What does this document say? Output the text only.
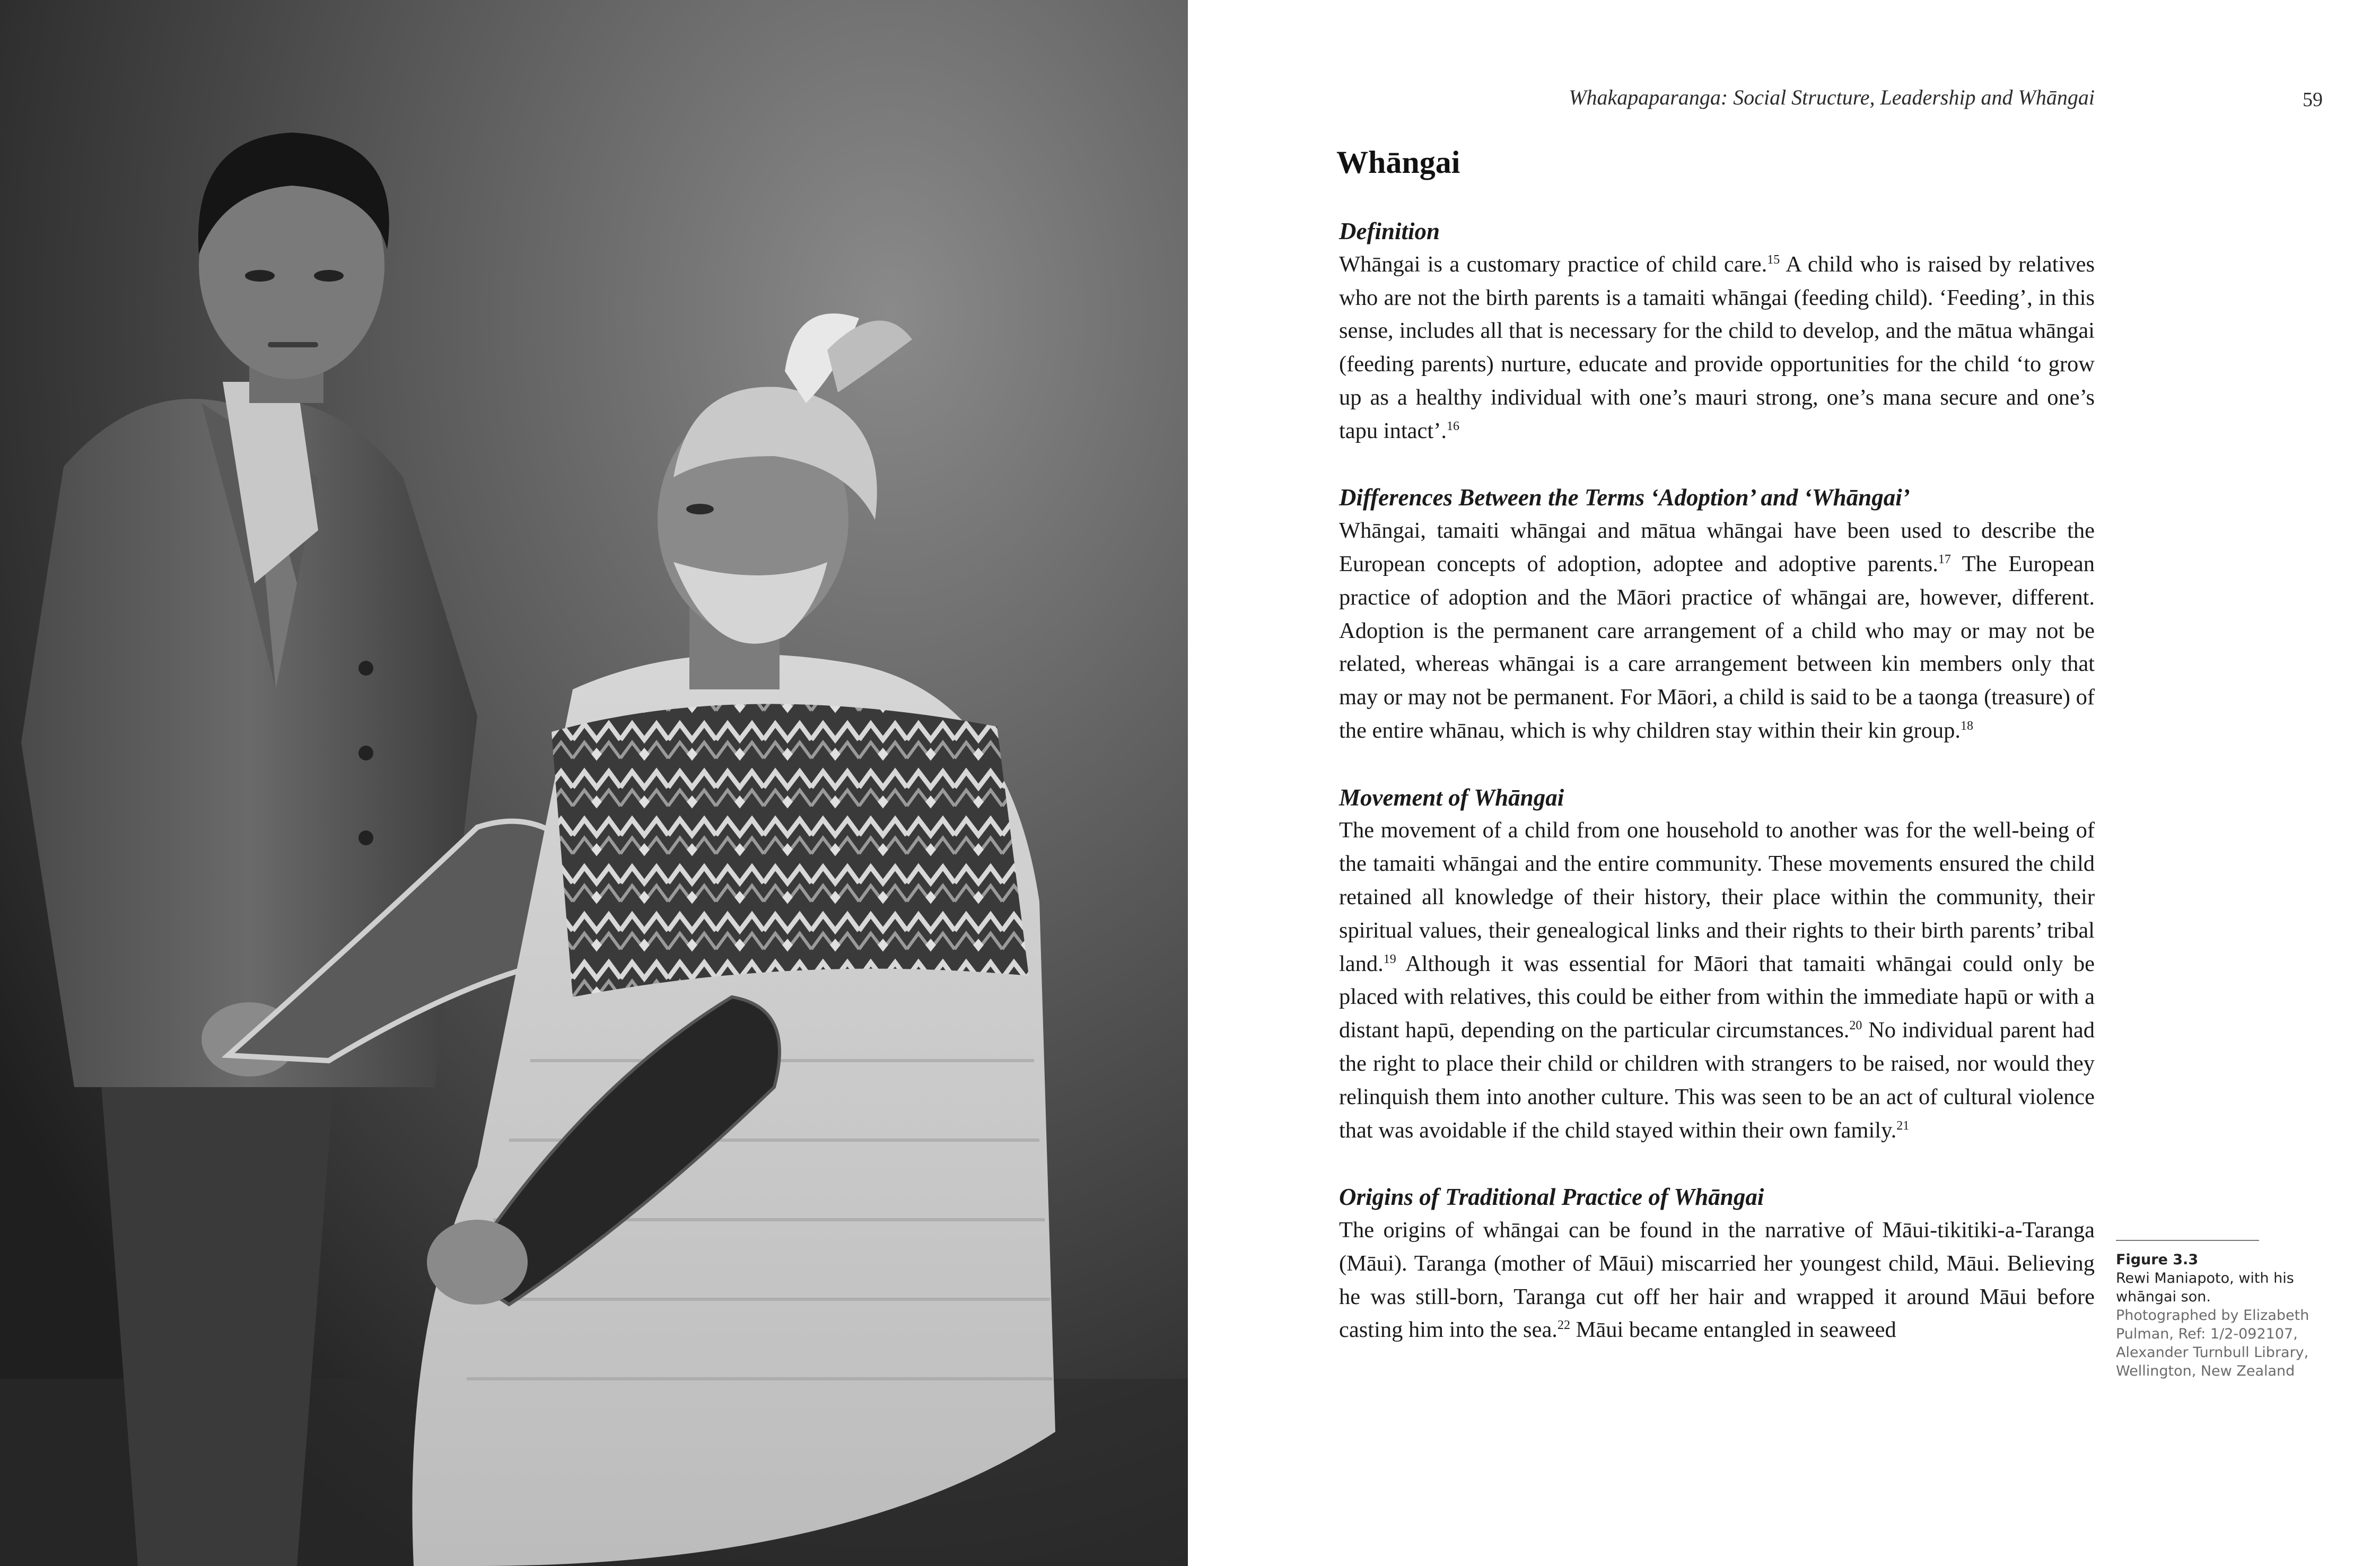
Whakapaparanga: Social Structure, Leadership and Whāngai	59
Whāngai

Definition

Whāngai is a customary practice of child care.$^{15}$ A child who is raised by relatives who are not the birth parents is a tamaiti whāngai (feeding child). ‘Feeding’, in this sense, includes all that is necessary for the child to develop, and the mātua whāngai (feeding parents) nurture, educate and provide opportunities for the child ‘to grow up as a healthy individual with one’s mauri strong, one’s mana secure and one’s tapu intact’.$^{16}$

Differences Between the Terms ‘Adoption’ and ‘Whāngai’

Whāngai, tamaiti whāngai and mātua whāngai have been used to describe the European concepts of adoption, adoptee and adoptive parents.$^{17}$ The European practice of adoption and the Māori practice of whāngai are, however, different. Adoption is the permanent care arrangement of a child who may or may not be related, whereas whāngai is a care arrangement between kin members only that may or may not be permanent. For Māori, a child is said to be a taonga (treasure) of the entire whānau, which is why children stay within their kin group.$^{18}$

Movement of Whāngai

The movement of a child from one household to another was for the well-being of the tamaiti whāngai and the entire community. These movements ensured the child retained all knowledge of their history, their place within the community, their spiritual values, their genealogical links and their rights to their birth parents’ tribal land.$^{19}$ Although it was essential for Māori that tamaiti whāngai could only be placed with relatives, this could be either from within the immediate hapū or with a distant hapū, depending on the particular circumstances.$^{20}$ No individual parent had the right to place their child or children with strangers to be raised, nor would they relinquish them into another culture. This was seen to be an act of cultural violence that was avoidable if the child stayed within their own family.$^{21}$

Origins of Traditional Practice of Whāngai

The origins of whāngai can be found in the narrative of Māui-tikitiki-a-Taranga (Māui). Taranga (mother of Māui) miscarried her youngest child, Māui. Believing he was still-born, Taranga cut off her hair and wrapped it around Māui before casting him into the sea.$^{22}$ Māui became entangled in seaweed

Figure 3.3
Rewi Maniapoto, with his whāngai son.
Photographed by Elizabeth Pulman, Ref: 1/2-092107, Alexander Turnbull Library, Wellington, New Zealand
